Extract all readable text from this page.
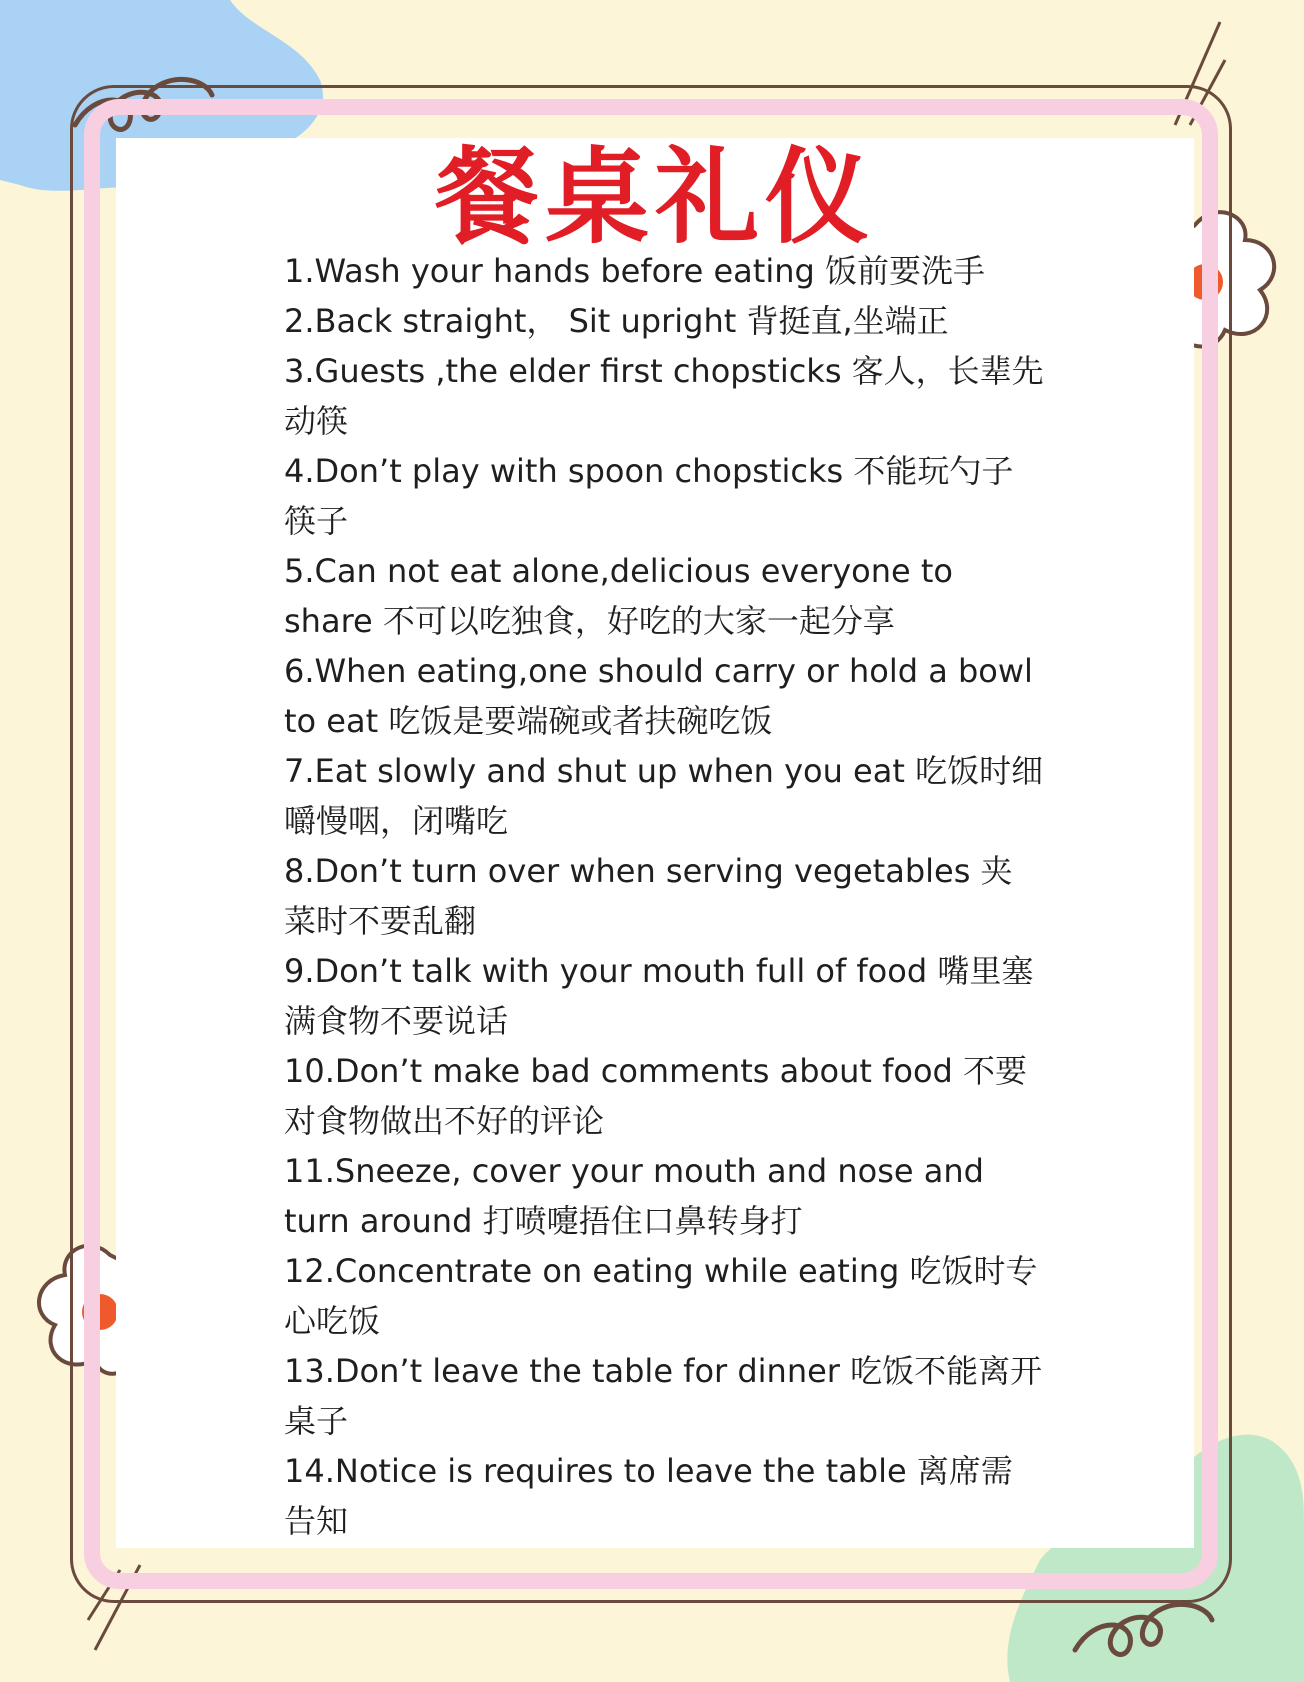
餐桌礼仪
1.Wash your hands before eating 饭前要洗手
2.Back straight， Sit upright 背挺直,坐端正
3.Guests ,the elder first chopsticks 客人，长辈先动筷
4.Don’t play with spoon chopsticks 不能玩勺子筷子
5.Can not eat alone,delicious everyone to share 不可以吃独食，好吃的大家一起分享
6.When eating,one should carry or hold a bowl to eat 吃饭是要端碗或者扶碗吃饭
7.Eat slowly and shut up when you eat 吃饭时细嚼慢咽，闭嘴吃
8.Don’t turn over when serving vegetables 夹菜时不要乱翻
9.Don’t talk with your mouth full of food 嘴里塞满食物不要说话
10.Don’t make bad comments about food 不要对食物做出不好的评论
11.Sneeze, cover your mouth and nose and turn around 打喷嚏捂住口鼻转身打
12.Concentrate on eating while eating 吃饭时专心吃饭
13.Don’t leave the table for dinner 吃饭不能离开桌子
14.Notice is requires to leave the table 离席需告知
